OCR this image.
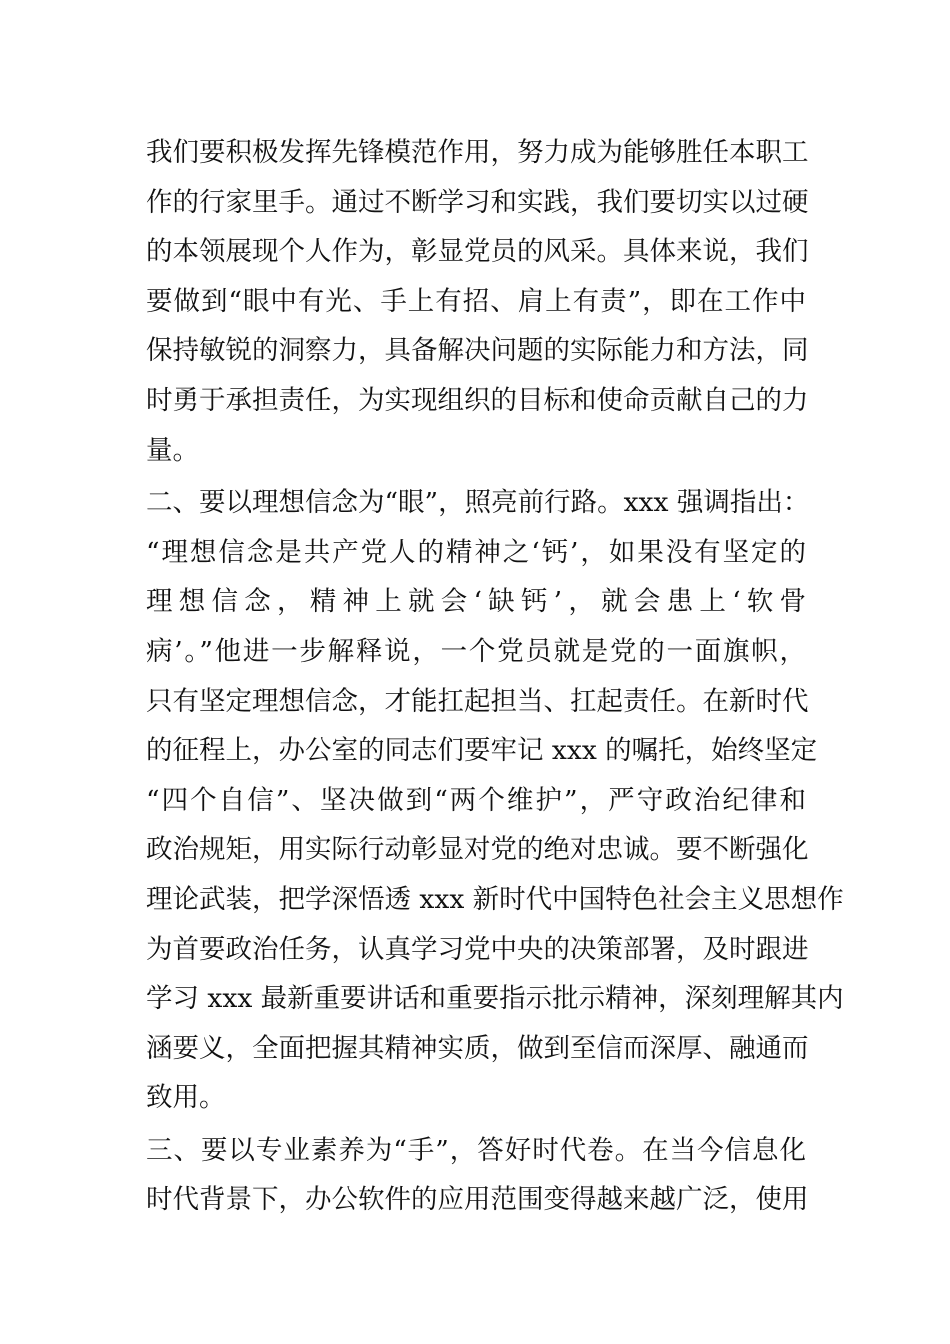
我们要积极发挥先锋模范作用，努力成为能够胜任本职工
作的行家里手。通过不断学习和实践，我们要切实以过硬
的本领展现个人作为，彰显党员的风采。具体来说，我们
要做到“眼中有光、手上有招、肩上有责”，即在工作中
保持敏锐的洞察力，具备解决问题的实际能力和方法，同
时勇于承担责任，为实现组织的目标和使命贡献自己的力
量。
二、要以理想信念为“眼”，照亮前行路。xxx 强调指出：
“理想信念是共产党人的精神之‘钙’，如果没有坚定的
理想信念，精神上就会‘缺钙’，就会患上‘软骨
病’。”他进一步解释说，一个党员就是党的一面旗帜，
只有坚定理想信念，才能扛起担当、扛起责任。在新时代
的征程上，办公室的同志们要牢记 xxx 的嘱托，始终坚定
“四个自信”、坚决做到“两个维护”，严守政治纪律和
政治规矩，用实际行动彰显对党的绝对忠诚。要不断强化
理论武装，把学深悟透 xxx 新时代中国特色社会主义思想作
为首要政治任务，认真学习党中央的决策部署，及时跟进
学习 xxx 最新重要讲话和重要指示批示精神，深刻理解其内
涵要义，全面把握其精神实质，做到至信而深厚、融通而
致用。
三、要以专业素养为“手”，答好时代卷。在当今信息化
时代背景下，办公软件的应用范围变得越来越广泛，使用
